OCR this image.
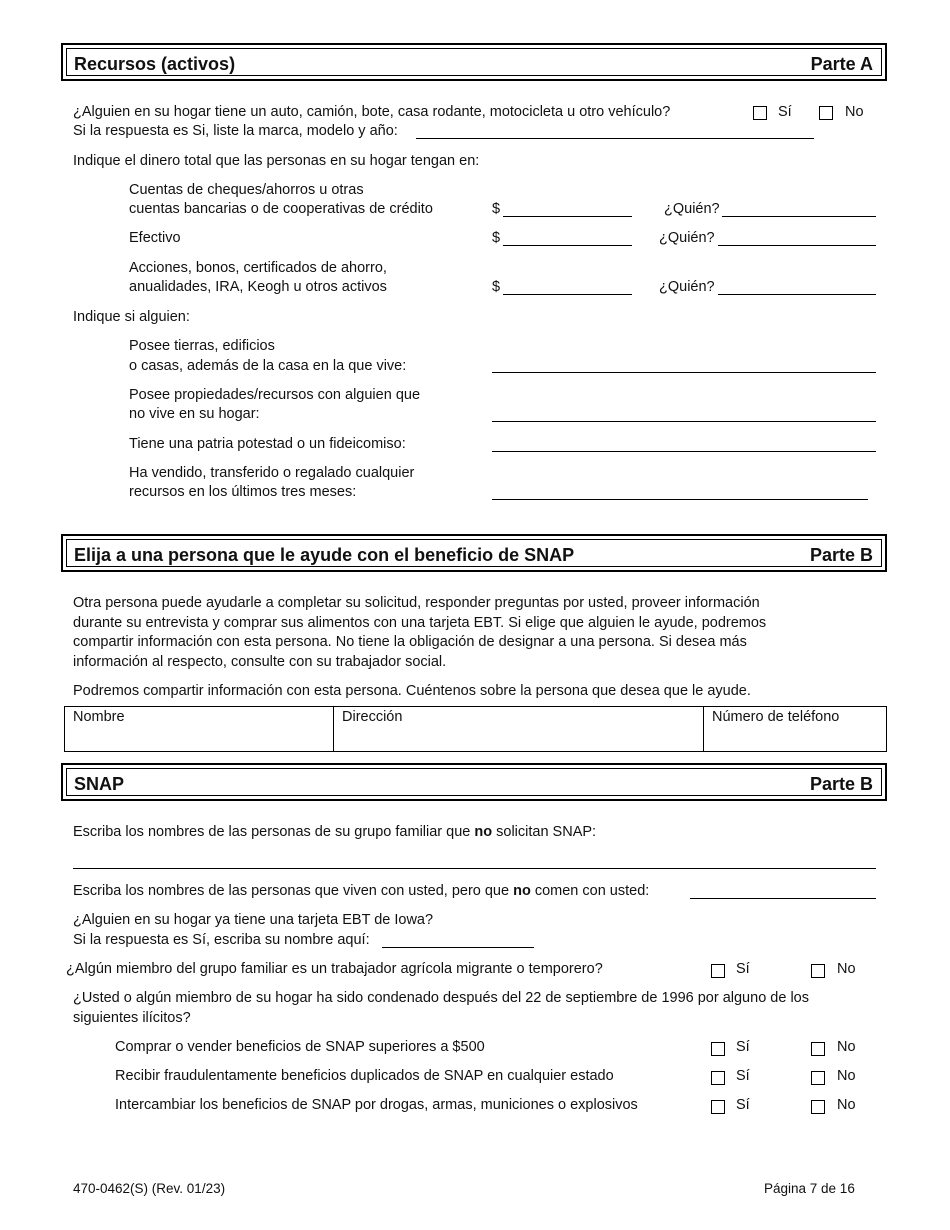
Recursos (activos)	Parte A
¿Alguien en su hogar tiene un auto, camión, bote, casa rodante, motocicleta u otro vehículo?	Sí	No
Si la respuesta es Si, liste la marca, modelo y año:
Indique el dinero total que las personas en su hogar tengan en:
Cuentas de cheques/ahorros u otras
cuentas bancarias o de cooperativas de crédito	$	¿Quién?
Efectivo	$	¿Quién?
Acciones, bonos, certificados de ahorro,
anualidades, IRA, Keogh u otros activos	$	¿Quién?
Indique si alguien:
Posee tierras, edificios
o casas, además de la casa en la que vive:
Posee propiedades/recursos con alguien que
no vive en su hogar:
Tiene una patria potestad o un fideicomiso:
Ha vendido, transferido o regalado cualquier
recursos en los últimos tres meses:
Elija a una persona que le ayude con el beneficio de SNAP	Parte B
Otra persona puede ayudarle a completar su solicitud, responder preguntas por usted, proveer información
durante su entrevista y comprar sus alimentos con una tarjeta EBT. Si elige que alguien le ayude, podremos
compartir información con esta persona. No tiene la obligación de designar a una persona. Si desea más
información al respecto, consulte con su trabajador social.
Podremos compartir información con esta persona. Cuéntenos sobre la persona que desea que le ayude.
Nombre	Dirección	Número de teléfono
SNAP	Parte B
Escriba los nombres de las personas de su grupo familiar que no solicitan SNAP:
Escriba los nombres de las personas que viven con usted, pero que no comen con usted:
¿Alguien en su hogar ya tiene una tarjeta EBT de Iowa?
Si la respuesta es Sí, escriba su nombre aquí:
¿Algún miembro del grupo familiar es un trabajador agrícola migrante o temporero?	Sí	No
¿Usted o algún miembro de su hogar ha sido condenado después del 22 de septiembre de 1996 por alguno de los
siguientes ilícitos?
Comprar o vender beneficios de SNAP superiores a $500	Sí	No
Recibir fraudulentamente beneficios duplicados de SNAP en cualquier estado	Sí	No
Intercambiar los beneficios de SNAP por drogas, armas, municiones o explosivos	Sí	No
470-0462(S) (Rev. 01/23)	Página 7 de 16
